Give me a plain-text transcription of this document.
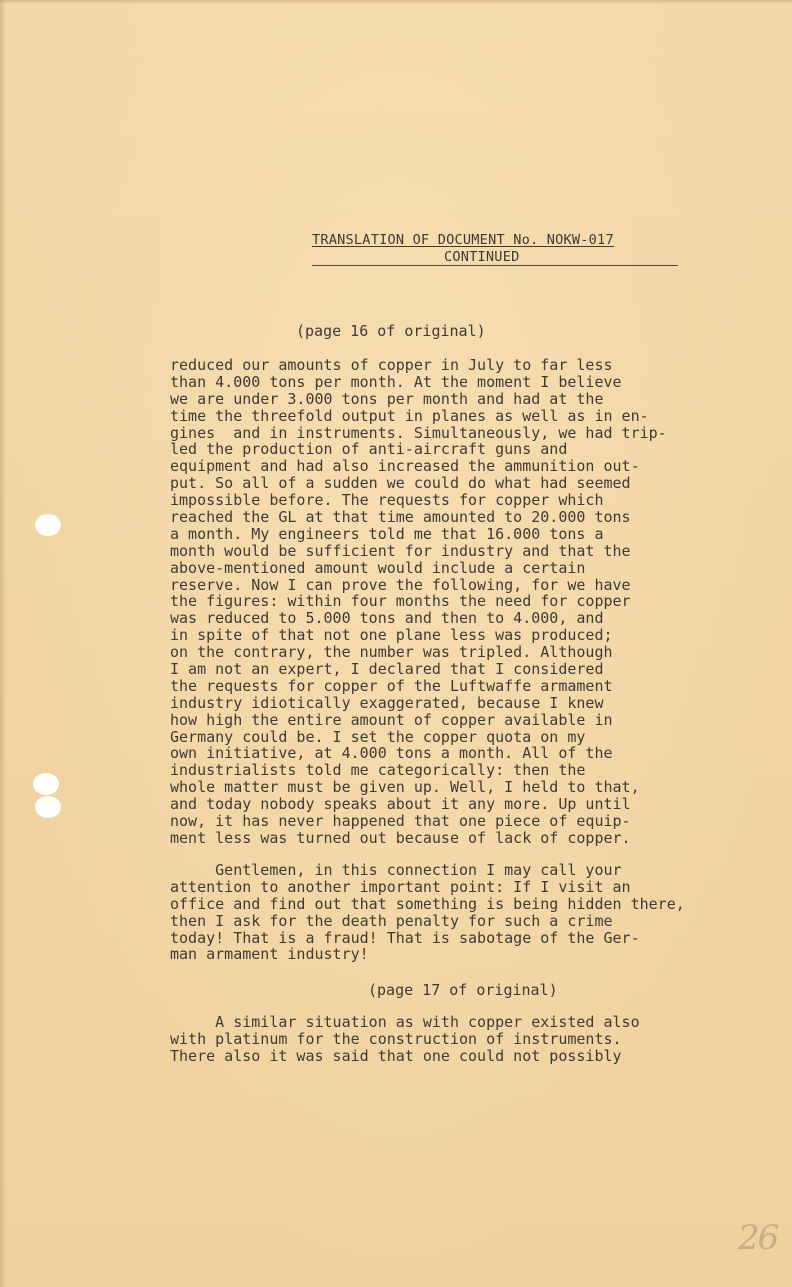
TRANSLATION OF DOCUMENT No. NOKW-017
CONTINUED
(page 16 of original)
reduced our amounts of copper in July to far less
than 4.000 tons per month. At the moment I believe
we are under 3.000 tons per month and had at the
time the threefold output in planes as well as in en-
gines  and in instruments. Simultaneously, we had trip-
led the production of anti-aircraft guns and
equipment and had also increased the ammunition out-
put. So all of a sudden we could do what had seemed
impossible before. The requests for copper which
reached the GL at that time amounted to 20.000 tons
a month. My engineers told me that 16.000 tons a
month would be sufficient for industry and that the
above-mentioned amount would include a certain
reserve. Now I can prove the following, for we have
the figures: within four months the need for copper
was reduced to 5.000 tons and then to 4.000, and
in spite of that not one plane less was produced;
on the contrary, the number was tripled. Although
I am not an expert, I declared that I considered
the requests for copper of the Luftwaffe armament
industry idiotically exaggerated, because I knew
how high the entire amount of copper available in
Germany could be. I set the copper quota on my
own initiative, at 4.000 tons a month. All of the
industrialists told me categorically: then the
whole matter must be given up. Well, I held to that,
and today nobody speaks about it any more. Up until
now, it has never happened that one piece of equip-
ment less was turned out because of lack of copper.
Gentlemen, in this connection I may call your
attention to another important point: If I visit an
office and find out that something is being hidden there,
then I ask for the death penalty for such a crime
today! That is a fraud! That is sabotage of the Ger-
man armament industry!
(page 17 of original)
A similar situation as with copper existed also
with platinum for the construction of instruments.
There also it was said that one could not possibly
26
